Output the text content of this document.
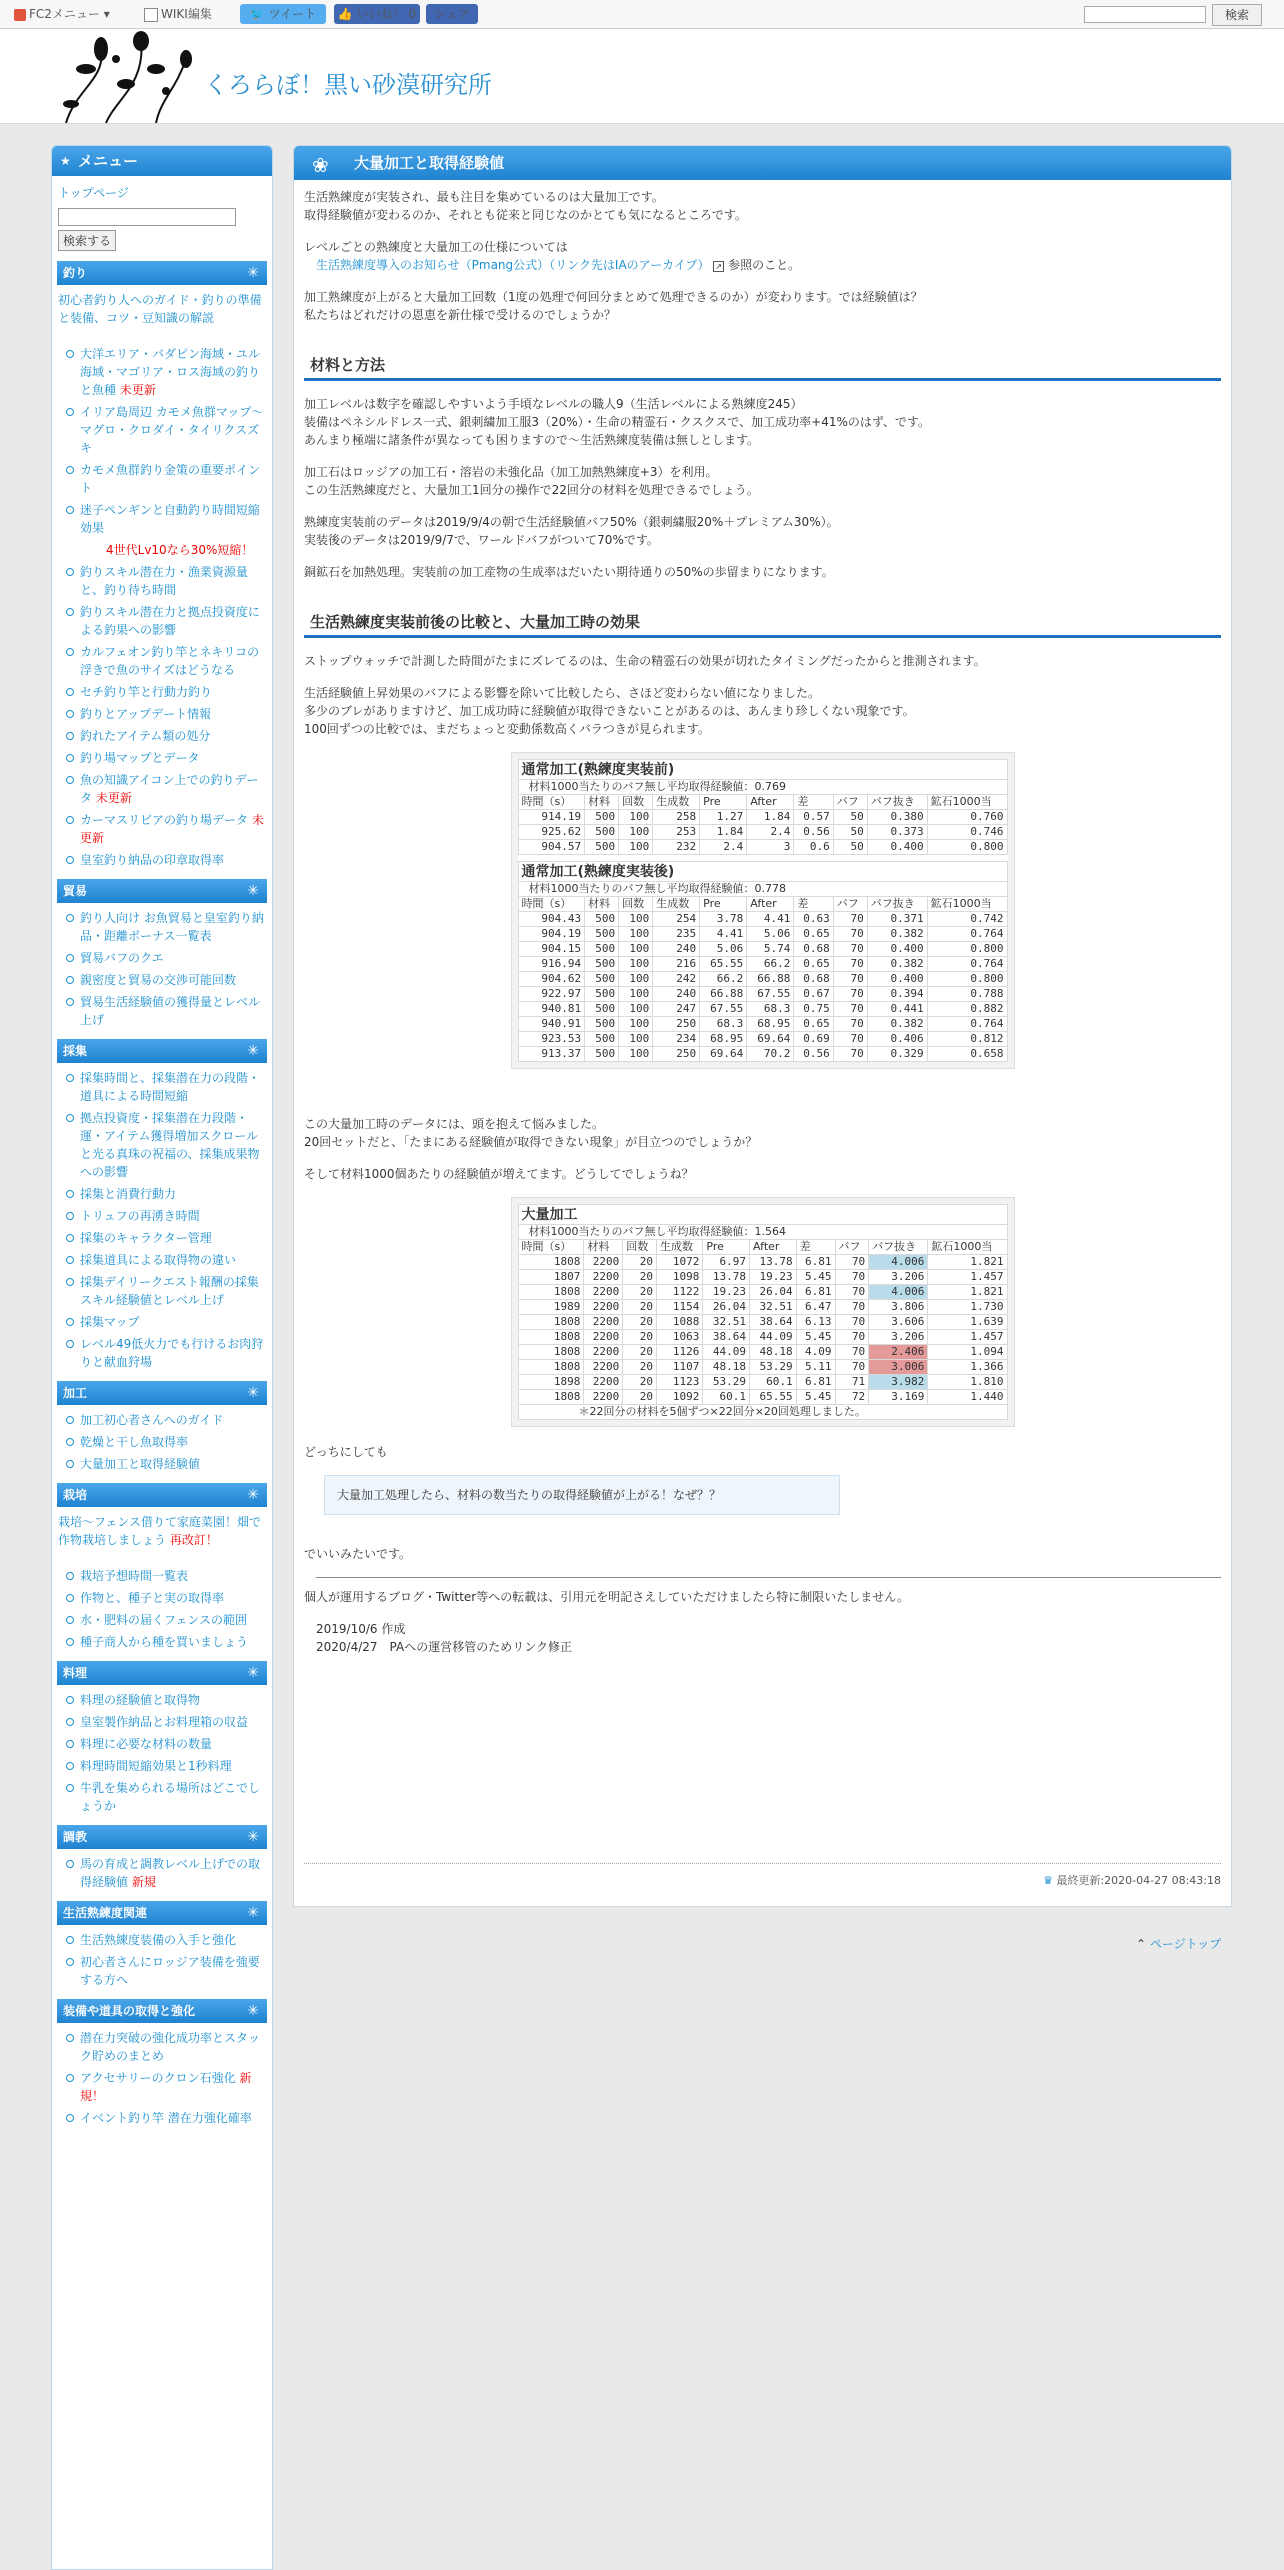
FC2メニュー ▾	WIKI編集	🐦 ツイート	👍 いいね！ 0	シェア	検索
くろらぼ！黒い砂漠研究所
★ メニュー
トップページ
検索する
釣り	✳
初心者釣り人へのガイド・釣りの準備と装備、コツ・豆知識の解説
大洋エリア・バダピン海域・ユル海域・マゴリア・ロス海域の釣りと魚種 未更新
イリア島周辺 カモメ魚群マップ～マグロ・クロダイ・タイリクスズキ
カモメ魚群釣り金策の重要ポイント
迷子ペンギンと自動釣り時間短縮効果
4世代Lv10なら30%短縮！
釣りスキル潜在力・漁業資源量と、釣り待ち時間
釣りスキル潜在力と拠点投資度による釣果への影響
カルフェオン釣り竿とネキリコの浮きで魚のサイズはどうなる
セチ釣り竿と行動力釣り
釣りとアップデート情報
釣れたアイテム類の処分
釣り場マップとデータ
魚の知識アイコン上での釣りデータ 未更新
カーマスリビアの釣り場データ 未更新
皇室釣り納品の印章取得率
貿易	✳
釣り人向け お魚貿易と皇室釣り納品・距離ボーナス一覧表
貿易バフのクエ
親密度と貿易の交渉可能回数
貿易生活経験値の獲得量とレベル上げ
採集	✳
採集時間と、採集潜在力の段階・道具による時間短縮
拠点投資度・採集潜在力段階・運・アイテム獲得増加スクロールと光る真珠の祝福の、採集成果物への影響
採集と消費行動力
トリュフの再湧き時間
採集のキャラクター管理
採集道具による取得物の違い
採集デイリークエスト報酬の採集スキル経験値とレベル上げ
採集マップ
レベル49低火力でも行けるお肉狩りと献血狩場
加工	✳
加工初心者さんへのガイド
乾燥と干し魚取得率
大量加工と取得経験値
栽培	✳
栽培～フェンス借りて家庭菜園！畑で作物栽培しましょう 再改訂！
栽培予想時間一覧表
作物と、種子と実の取得率
水・肥料の届くフェンスの範囲
種子商人から種を買いましょう
料理	✳
料理の経験値と取得物
皇室製作納品とお料理箱の収益
料理に必要な材料の数量
料理時間短縮効果と1秒料理
牛乳を集められる場所はどこでしょうか
調教	✳
馬の育成と調教レベル上げでの取得経験値 新規
生活熟練度関連	✳
生活熟練度装備の入手と強化
初心者さんにロッジア装備を強要する方へ
装備や道具の取得と強化	✳
潜在力突破の強化成功率とスタック貯めのまとめ
アクセサリーのクロン石強化 新規！
イベント釣り竿 潜在力強化確率
❀ 大量加工と取得経験値

生活熟練度が実装され、最も注目を集めているのは大量加工です。
取得経験値が変わるのか、それとも従来と同じなのかとても気になるところです。

レベルごとの熟練度と大量加工の仕様については
生活熟練度導入のお知らせ（Pmang公式）（リンク先はIAのアーカイブ） ↗ 参照のこと。

加工熟練度が上がると大量加工回数（1度の処理で何回分まとめて処理できるのか）が変わります。では経験値は？
私たちはどれだけの恩恵を新仕様で受けるのでしょうか？

材料と方法

加工レベルは数字を確認しやすいよう手頃なレベルの職人9（生活レベルによる熟練度245）
装備はペネシルドレス一式、銀刺繍加工服3（20%）・生命の精霊石・クスクスで、加工成功率+41%のはず、です。
あんまり極端に諸条件が異なっても困りますので～生活熟練度装備は無しとします。

加工石はロッジアの加工石・溶岩の未強化品（加工加熱熟練度+3）を利用。
この生活熟練度だと、大量加工1回分の操作で22回分の材料を処理できるでしょう。

熟練度実装前のデータは2019/9/4の朝で生活経験値バフ50%（銀刺繍服20%＋プレミアム30%）。
実装後のデータは2019/9/7で、ワールドバフがついて70%です。

銅鉱石を加熱処理。実装前の加工産物の生成率はだいたい期待通りの50%の歩留まりになります。

生活熟練度実装前後の比較と、大量加工時の効果

ストップウォッチで計測した時間がたまにズレてるのは、生命の精霊石の効果が切れたタイミングだったからと推測されます。

生活経験値上昇効果のバフによる影響を除いて比較したら、さほど変わらない値になりました。
多少のブレがありますけど、加工成功時に経験値が取得できないことがあるのは、あんまり珍しくない現象です。
100回ずつの比較では、まだちょっと変動係数高くバラつきが見られます。

通常加工(熟練度実装前)									
材料1000当たりのバフ無し平均取得経験値：0.769									
時間（s）	材料	回数	生成数	Pre	After	差	バフ	バフ抜き	鉱石1000当
914.19	500	100	258	1.27	1.84	0.57	50	0.380	0.760
925.62	500	100	253	1.84	2.4	0.56	50	0.373	0.746
904.57	500	100	232	2.4	3	0.6	50	0.400	0.800

通常加工(熟練度実装後)									
材料1000当たりのバフ無し平均取得経験値：0.778									
時間（s）	材料	回数	生成数	Pre	After	差	バフ	バフ抜き	鉱石1000当
904.43	500	100	254	3.78	4.41	0.63	70	0.371	0.742
904.19	500	100	235	4.41	5.06	0.65	70	0.382	0.764
904.15	500	100	240	5.06	5.74	0.68	70	0.400	0.800
916.94	500	100	216	65.55	66.2	0.65	70	0.382	0.764
904.62	500	100	242	66.2	66.88	0.68	70	0.400	0.800
922.97	500	100	240	66.88	67.55	0.67	70	0.394	0.788
940.81	500	100	247	67.55	68.3	0.75	70	0.441	0.882
940.91	500	100	250	68.3	68.95	0.65	70	0.382	0.764
923.53	500	100	234	68.95	69.64	0.69	70	0.406	0.812
913.37	500	100	250	69.64	70.2	0.56	70	0.329	0.658

この大量加工時のデータには、頭を抱えて悩みました。
20回セットだと、「たまにある経験値が取得できない現象」が目立つのでしょうか？

そして材料1000個あたりの経験値が増えてます。どうしてでしょうね？

大量加工									
材料1000当たりのバフ無し平均取得経験値：1.564									
時間（s）	材料	回数	生成数	Pre	After	差	バフ	バフ抜き	鉱石1000当
1808	2200	20	1072	6.97	13.78	6.81	70	4.006	1.821
1807	2200	20	1098	13.78	19.23	5.45	70	3.206	1.457
1808	2200	20	1122	19.23	26.04	6.81	70	4.006	1.821
1989	2200	20	1154	26.04	32.51	6.47	70	3.806	1.730
1808	2200	20	1088	32.51	38.64	6.13	70	3.606	1.639
1808	2200	20	1063	38.64	44.09	5.45	70	3.206	1.457
1808	2200	20	1126	44.09	48.18	4.09	70	2.406	1.094
1808	2200	20	1107	48.18	53.29	5.11	70	3.006	1.366
1898	2200	20	1123	53.29	60.1	6.81	71	3.982	1.810
1808	2200	20	1092	60.1	65.55	5.45	72	3.169	1.440
＊22回分の材料を5個ずつ×22回分×20回処理しました。									

どっちにしても

大量加工処理したら、材料の数当たりの取得経験値が上がる！なぜ？？

でいいみたいです。

個人が運用するブログ・Twitter等への転載は、引用元を明記さえしていただけましたら特に制限いたしません。

2019/10/6 作成
2020/4/27　PAへの運営移管のためリンク修正
♛ 最終更新:2020-04-27 08:43:18
⌃ ページトップ
